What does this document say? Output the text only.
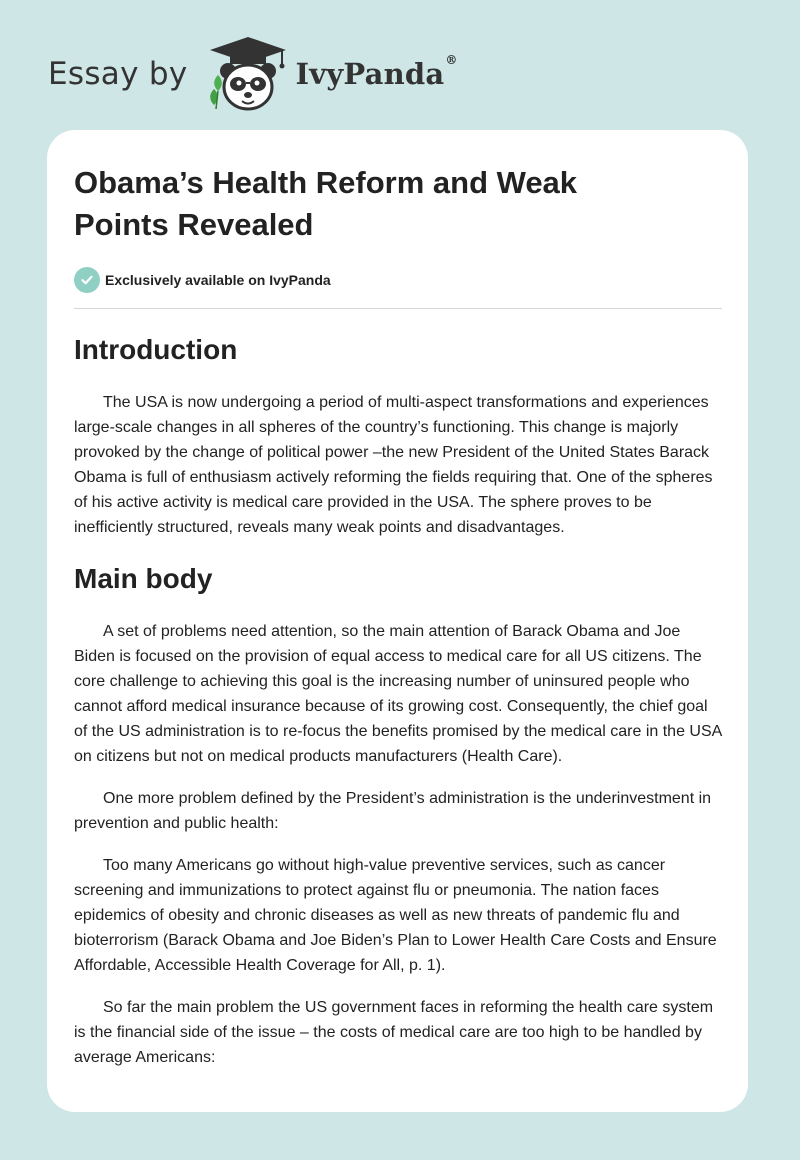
Essay by	IvyPanda®
Obama’s Health Reform and Weak Points Revealed
Exclusively available on IvyPanda
Introduction

The USA is now undergoing a period of multi-aspect transformations and experiences large-scale changes in all spheres of the country’s functioning. This change is majorly provoked by the change of political power –the new President of the United States Barack Obama is full of enthusiasm actively reforming the fields requiring that. One of the spheres of his active activity is medical care provided in the USA. The sphere proves to be inefficiently structured, reveals many weak points and disadvantages.

Main body

A set of problems need attention, so the main attention of Barack Obama and Joe Biden is focused on the provision of equal access to medical care for all US citizens. The core challenge to achieving this goal is the increasing number of uninsured people who cannot afford medical insurance because of its growing cost. Consequently, the chief goal of the US administration is to re-focus the benefits promised by the medical care in the USA on citizens but not on medical products manufacturers (Health Care).

One more problem defined by the President’s administration is the underinvestment in prevention and public health:

Too many Americans go without high-value preventive services, such as cancer screening and immunizations to protect against flu or pneumonia. The nation faces epidemics of obesity and chronic diseases as well as new threats of pandemic flu and bioterrorism (Barack Obama and Joe Biden’s Plan to Lower Health Care Costs and Ensure Affordable, Accessible Health Coverage for All, p. 1).

So far the main problem the US government faces in reforming the health care system is the financial side of the issue – the costs of medical care are too high to be handled by average Americans:
